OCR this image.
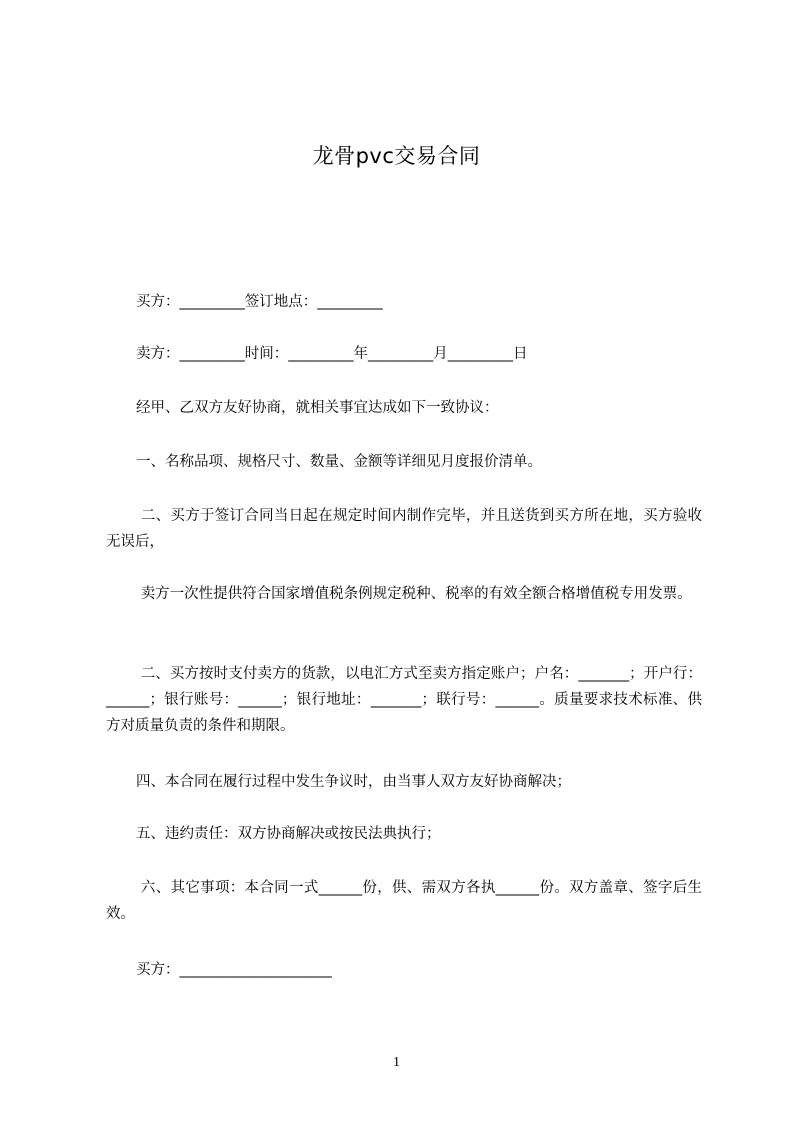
龙骨pvc交易合同

买方：_________签订地点：_________

卖方：_________时间：_________年_________月_________日

经甲、乙双方友好协商，就相关事宜达成如下一致协议：

一、名称品项、规格尺寸、数量、金额等详细见月度报价清单。

二、买方于签订合同当日起在规定时间内制作完毕，并且送货到买方所在地，买方验收无误后，

卖方一次性提供符合国家增值税条例规定税种、税率的有效全额合格增值税专用发票。

二、买方按时支付卖方的货款，以电汇方式至卖方指定账户；户名：_______；开户行：______；银行账号：______；银行地址：_______；联行号：______。质量要求技术标准、供方对质量负责的条件和期限。

四、本合同在履行过程中发生争议时，由当事人双方友好协商解决；

五、违约责任：双方协商解决或按民法典执行；

六、其它事项：本合同一式______份，供、需双方各执______份。双方盖章、签字后生效。

买方：_____________________

1
